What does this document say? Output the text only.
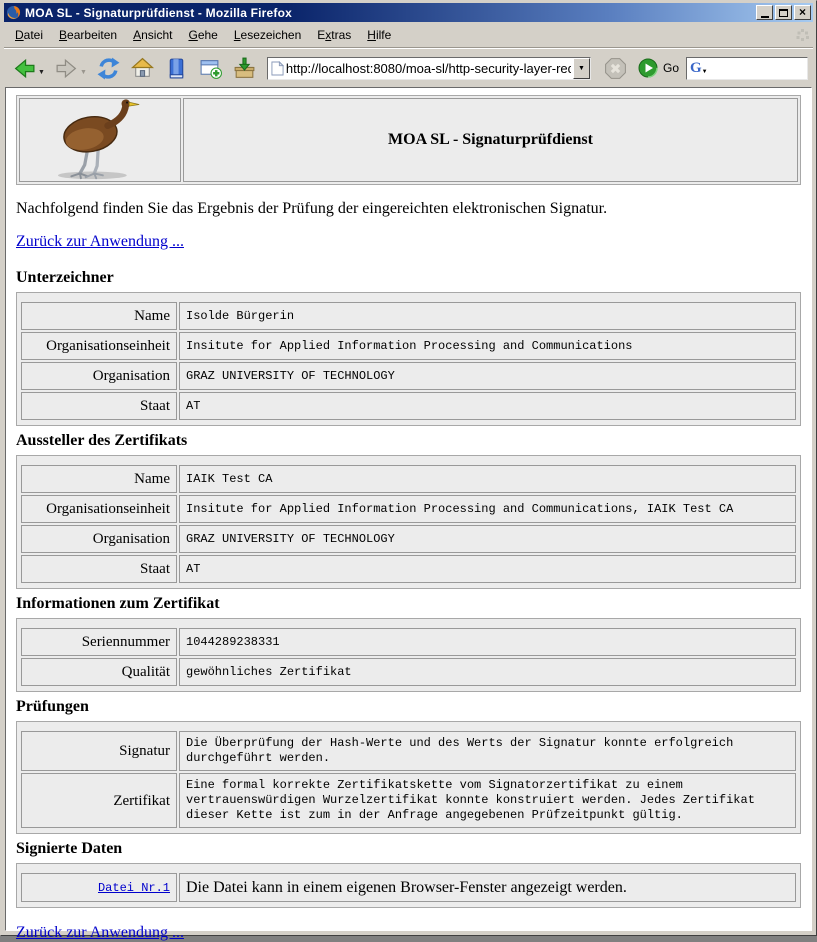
MOA SL - Signaturprüfdienst - Mozilla Firefox	×
Datei	Bearbeiten	Ansicht	Gehe	Lesezeichen	Extras	Hilfe
▼	▼
http://localhost:8080/moa-sl/http-security-layer-requ
▼	Go G ▼
MOA SL - Signaturprüfdienst

Nachfolgend finden Sie das Ergebnis der Prüfung der eingereichten elektronischen Signatur.

Zurück zur Anwendung ...

Unterzeichner
Name	Isolde Bürgerin
Organisationseinheit	Insitute for Applied Information Processing and Communications
Organisation	GRAZ UNIVERSITY OF TECHNOLOGY
Staat	AT
Aussteller des Zertifikats
Name	IAIK Test CA
Organisationseinheit	Insitute for Applied Information Processing and Communications, IAIK Test CA
Organisation	GRAZ UNIVERSITY OF TECHNOLOGY
Staat	AT
Informationen zum Zertifikat
Seriennummer	1044289238331
Qualität	gewöhnliches Zertifikat
Prüfungen
Signatur	Die Überprüfung der Hash-Werte und des Werts der Signatur konnte erfolgreich durchgeführt werden.
Zertifikat	Eine formal korrekte Zertifikatskette vom Signatorzertifikat zu einem vertrauenswürdigen Wurzelzertifikat konnte konstruiert werden. Jedes Zertifikat dieser Kette ist zum in der Anfrage angegebenen Prüfzeitpunkt gültig.
Signierte Daten
Datei Nr.1	Die Datei kann in einem eigenen Browser-Fenster angezeigt werden.

Zurück zur Anwendung ...
